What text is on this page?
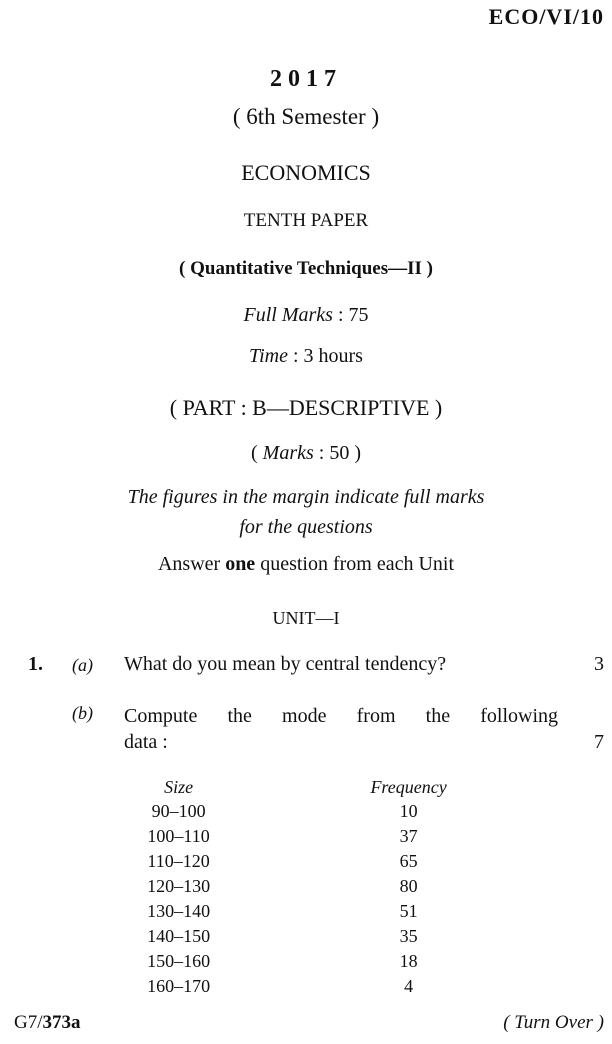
ECO/VI/10
2017
( 6th Semester )
ECONOMICS
TENTH PAPER
( Quantitative Techniques—II )
Full Marks : 75
Time : 3 hours
( PART : B—DESCRIPTIVE )
( Marks : 50 )
The figures in the margin indicate full marks
for the questions
Answer one question from each Unit
UNIT—I
1. (a) What do you mean by central tendency?	3
(b) Compute the mode from the following
data :	7
Size	Frequency
90–100	10
100–110	37
110–120	65
120–130	80
130–140	51
140–150	35
150–160	18
160–170	4
G7/373a	( Turn Over )
